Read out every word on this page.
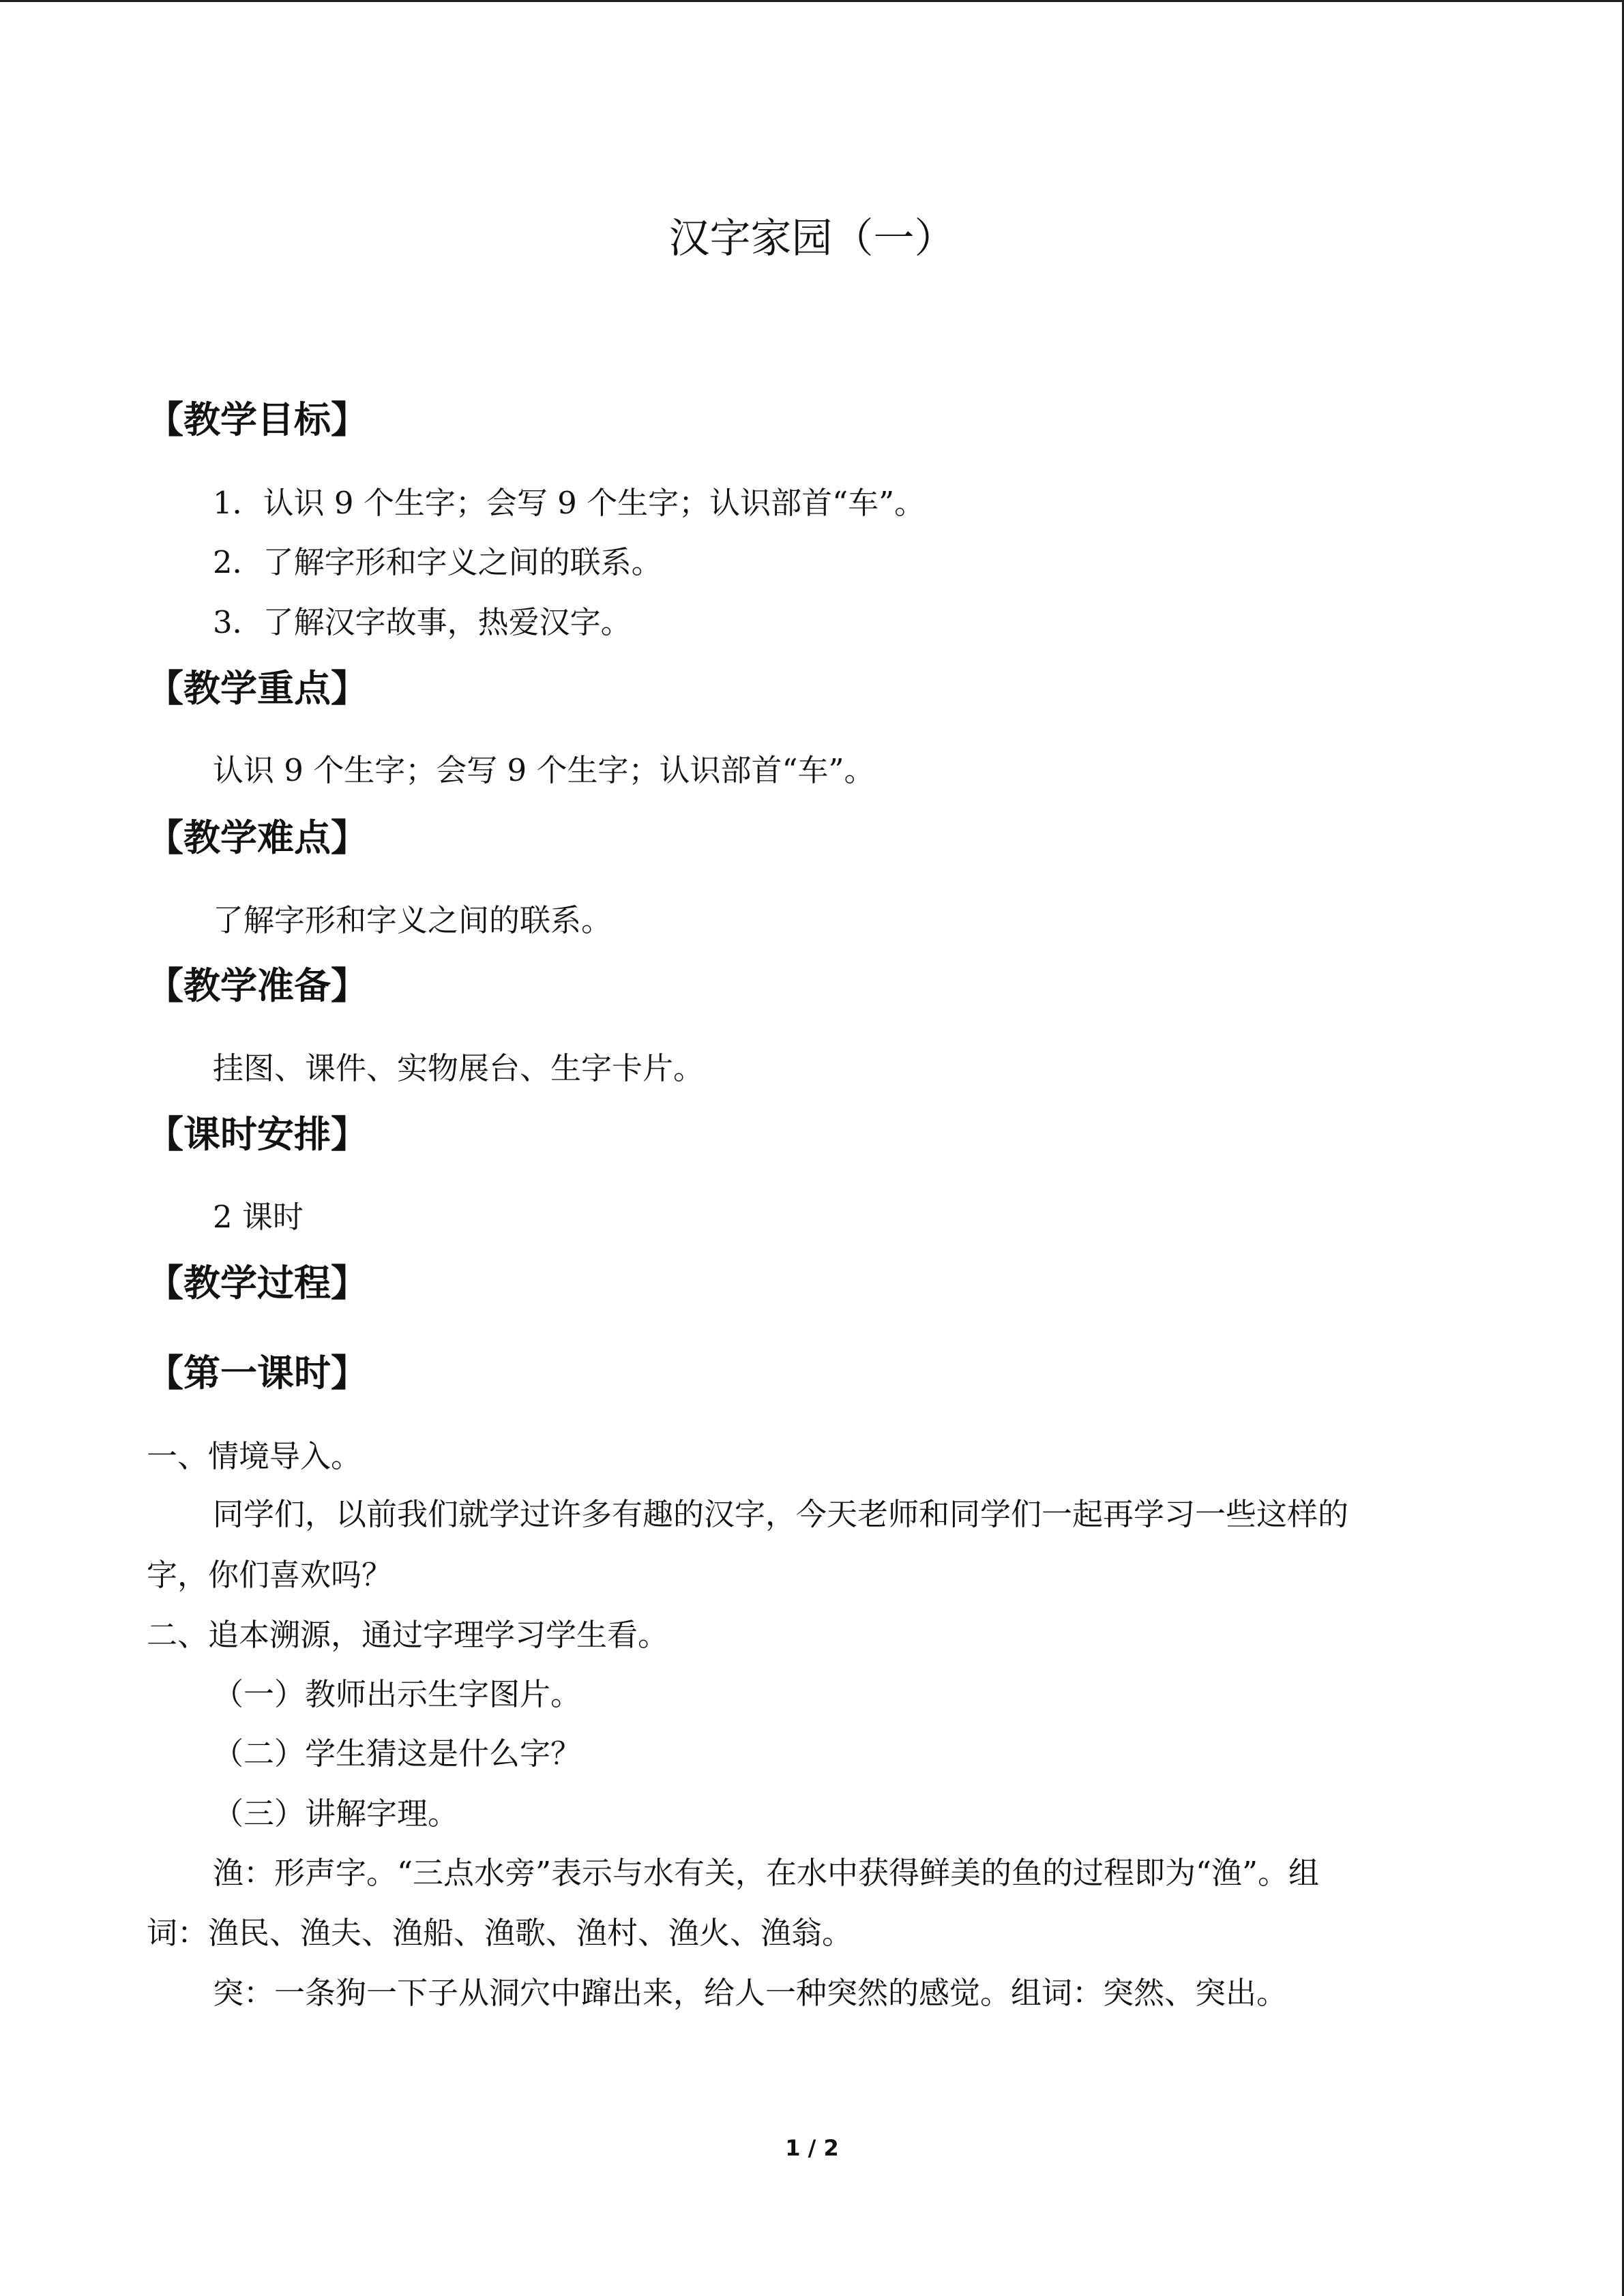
汉字家园（一）
【教学目标】
1．认识 9 个生字；会写 9 个生字；认识部首“车”。
2．了解字形和字义之间的联系。
3．了解汉字故事，热爱汉字。
【教学重点】
认识 9 个生字；会写 9 个生字；认识部首“车”。
【教学难点】
了解字形和字义之间的联系。
【教学准备】
挂图、课件、实物展台、生字卡片。
【课时安排】
2 课时
【教学过程】
【第一课时】
一、情境导入。
同学们，以前我们就学过许多有趣的汉字，今天老师和同学们一起再学习一些这样的
字，你们喜欢吗？
二、追本溯源，通过字理学习学生看。
（一）教师出示生字图片。
（二）学生猜这是什么字？
（三）讲解字理。
渔：形声字。“三点水旁”表示与水有关，在水中获得鲜美的鱼的过程即为“渔”。组
词：渔民、渔夫、渔船、渔歌、渔村、渔火、渔翁。
突：一条狗一下子从洞穴中蹿出来，给人一种突然的感觉。组词：突然、突出。
1 / 2
